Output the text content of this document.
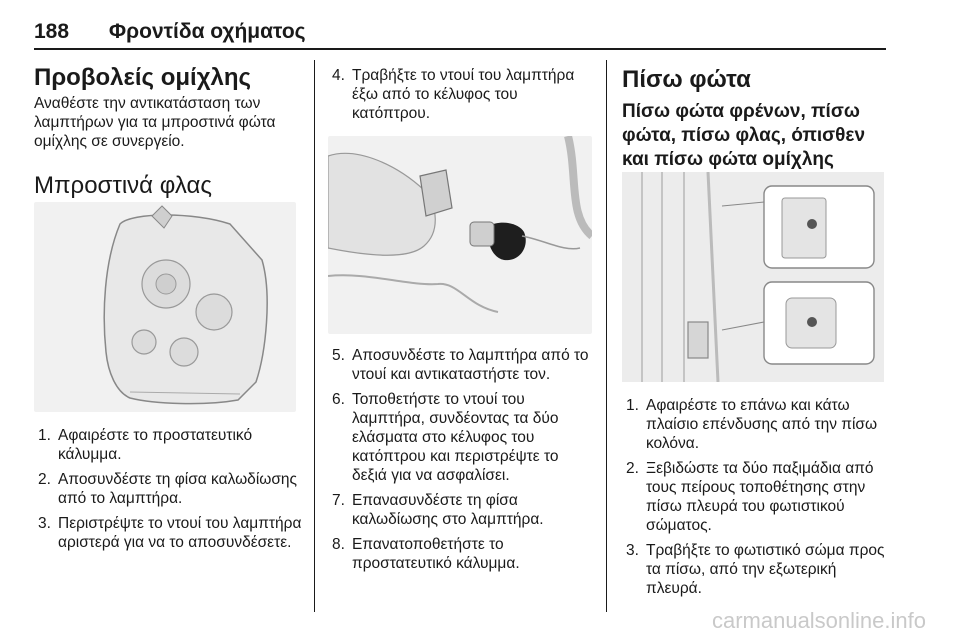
188 Φροντίδα οχήματος
Προβολείς ομίχλης
Αναθέστε την αντικατάσταση των λαμπτήρων για τα μπροστινά φώτα ομίχλης σε συνεργείο.
Μπροστινά φλας
1. Αφαιρέστε το προστατευτικό κάλυμμα.
2. Αποσυνδέστε τη φίσα καλωδίωσης από το λαμπτήρα.
3. Περιστρέψτε το ντουί του λαμπτήρα αριστερά για να το αποσυνδέσετε.
4. Τραβήξτε το ντουί του λαμπτήρα έξω από το κέλυφος του κατόπτρου.
5. Αποσυνδέστε το λαμπτήρα από το ντουί και αντικαταστήστε τον.
6. Τοποθετήστε το ντουί του λαμπτήρα, συνδέοντας τα δύο ελάσματα στο κέλυφος του κατόπτρου και περιστρέψτε το δεξιά για να ασφαλίσει.
7. Επανασυνδέστε τη φίσα καλωδίωσης στο λαμπτήρα.
8. Επανατοποθετήστε το προστατευτικό κάλυμμα.
Πίσω φώτα
Πίσω φώτα φρένων, πίσω φώτα, πίσω φλας, όπισθεν και πίσω φώτα ομίχλης
1. Αφαιρέστε το επάνω και κάτω πλαίσιο επένδυσης από την πίσω κολόνα.
2. Ξεβιδώστε τα δύο παξιμάδια από τους πείρους τοποθέτησης στην πίσω πλευρά του φωτιστικού σώματος.
3. Τραβήξτε το φωτιστικό σώμα προς τα πίσω, από την εξωτερική πλευρά.
carmanualsonline.info
